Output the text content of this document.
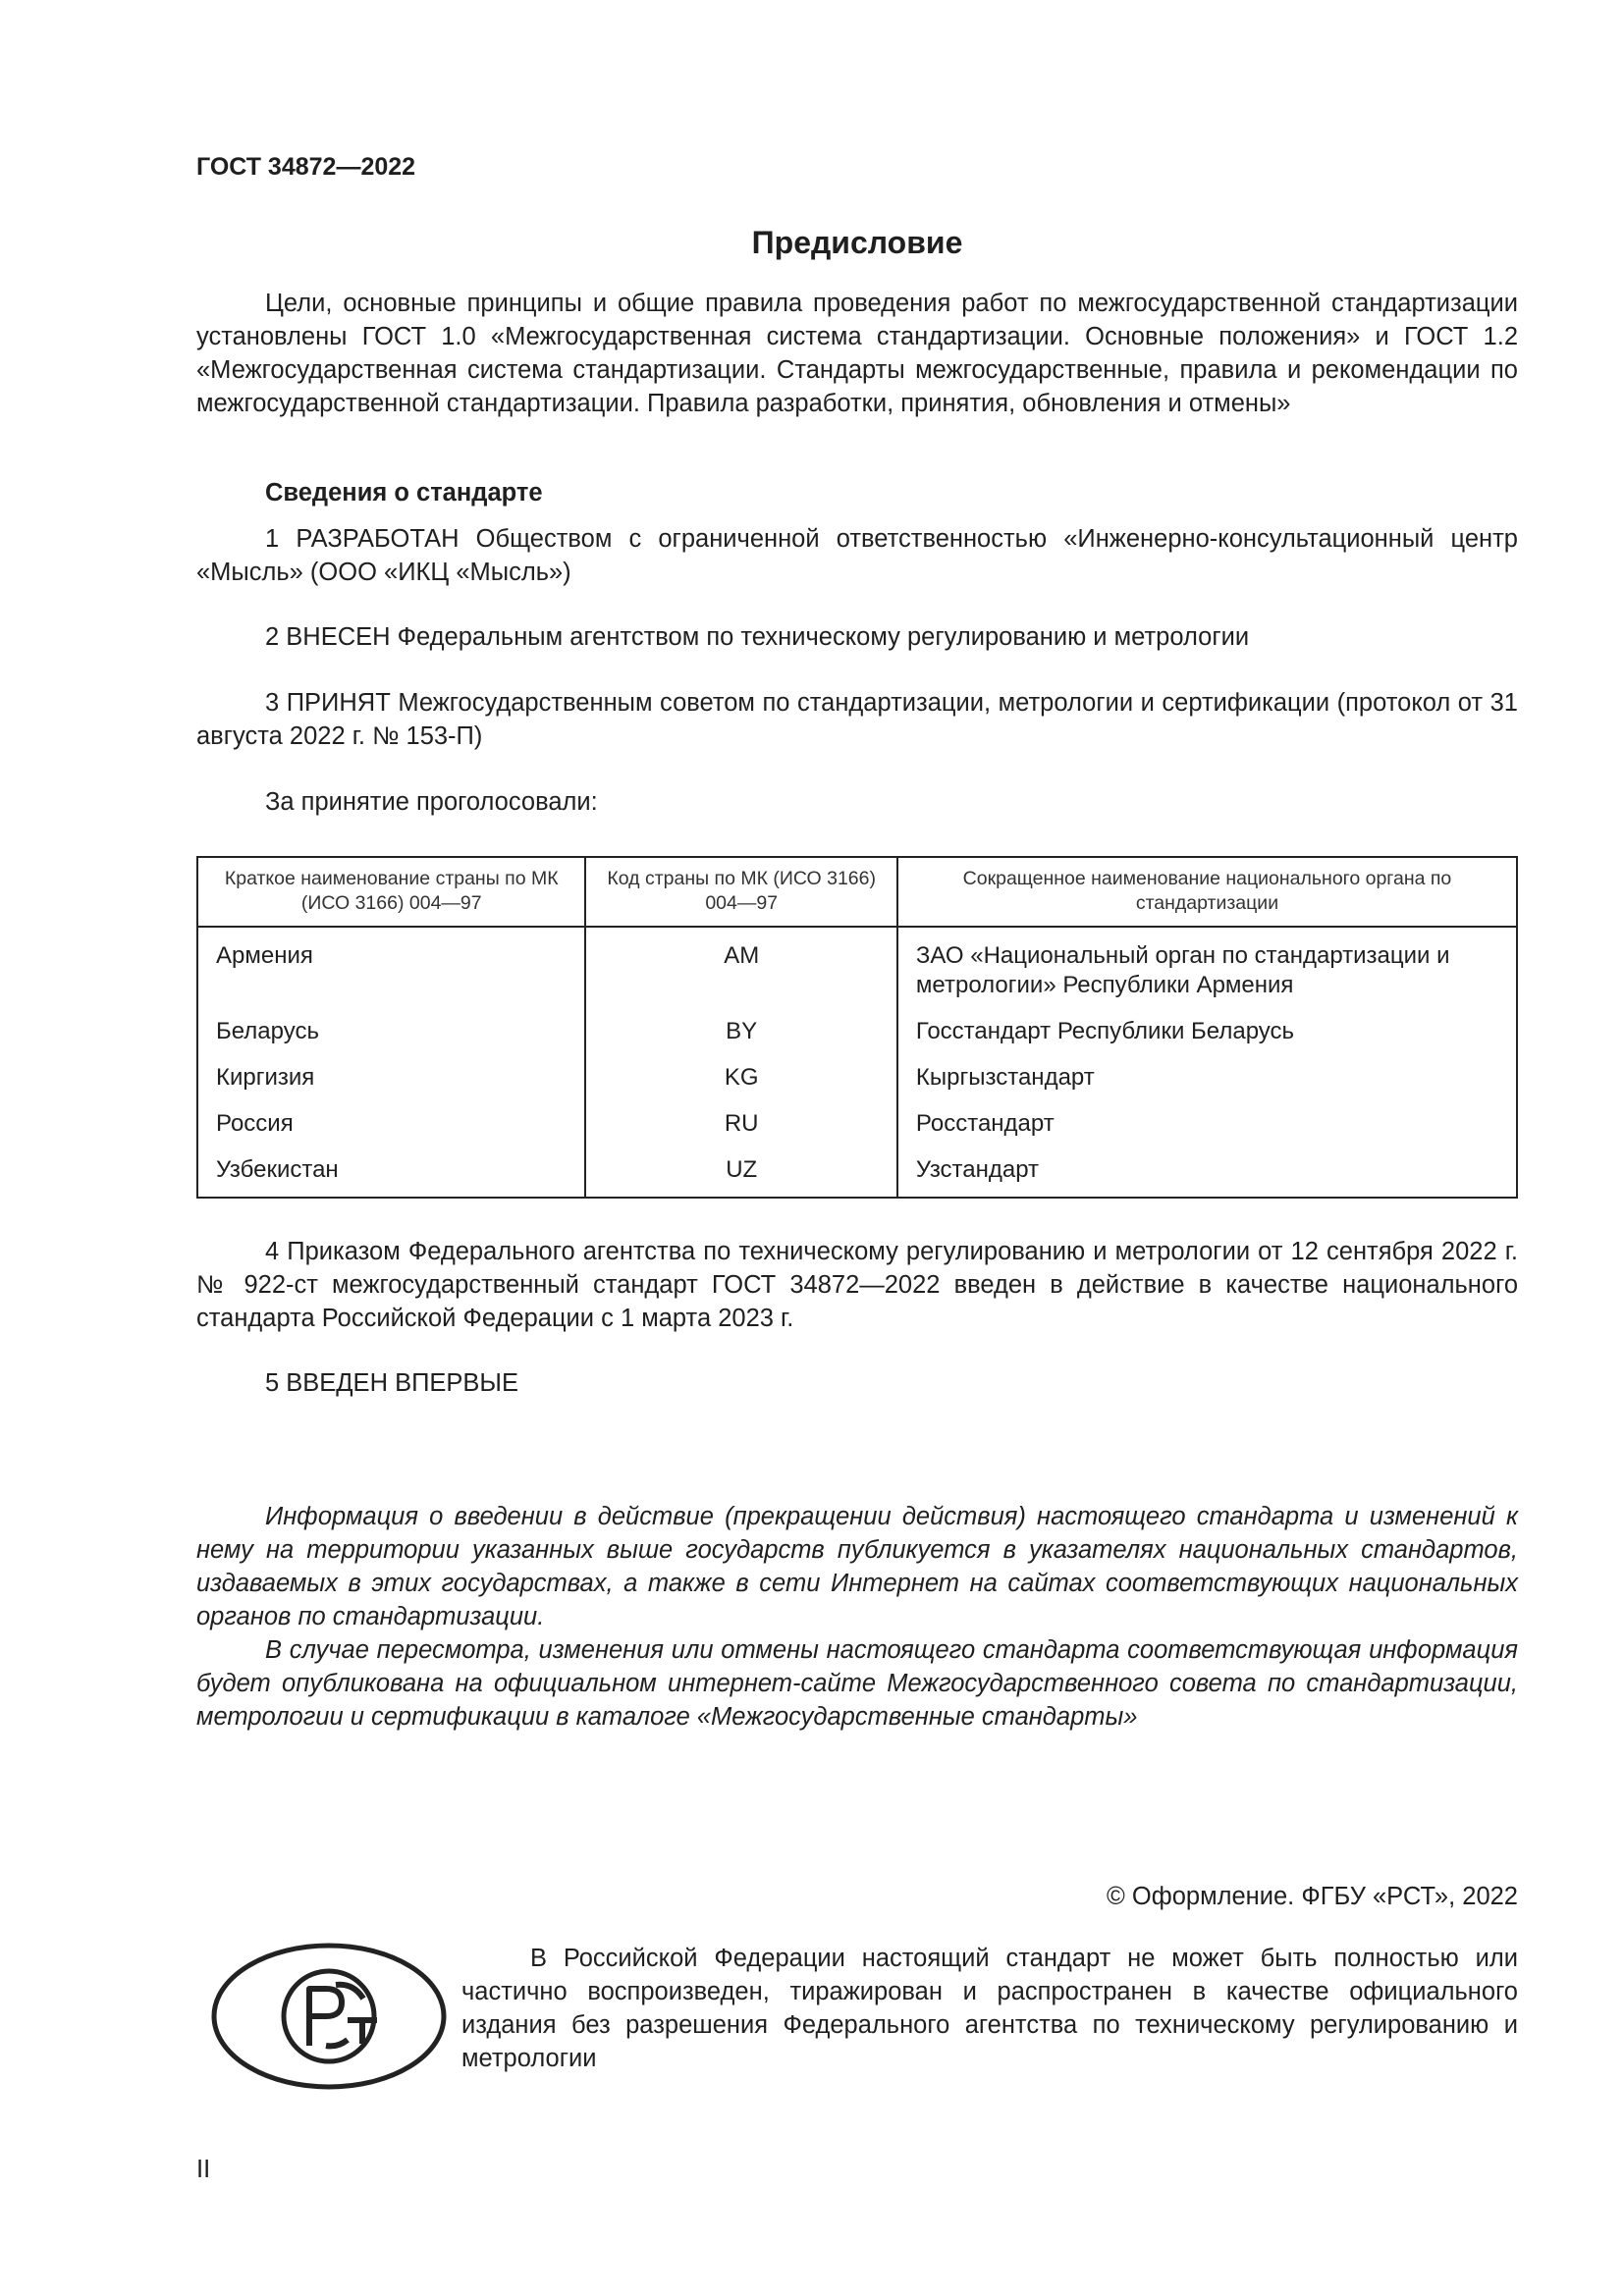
ГОСТ 34872—2022
Предисловие

Цели, основные принципы и общие правила проведения работ по межгосударственной стандартизации установлены ГОСТ 1.0 «Межгосударственная система стандартизации. Основные положения» и ГОСТ 1.2 «Межгосударственная система стандартизации. Стандарты межгосударственные, правила и рекомендации по межгосударственной стандартизации. Правила разработки, принятия, обновления и отмены»

Сведения о стандарте

1 РАЗРАБОТАН Обществом с ограниченной ответственностью «Инженерно-консультационный центр «Мысль» (ООО «ИКЦ «Мысль»)

2 ВНЕСЕН Федеральным агентством по техническому регулированию и метрологии

3 ПРИНЯТ Межгосударственным советом по стандартизации, метрологии и сертификации (протокол от 31 августа 2022 г. № 153-П)

За принятие проголосовали:

Краткое наименование страны по МК (ИСО 3166) 004—97	Код страны по МК (ИСО 3166) 004—97	Сокращенное наименование национального органа по стандартизации
Армения	AM	ЗАО «Национальный орган по стандартизации и метрологии» Республики Армения
Беларусь	BY	Госстандарт Республики Беларусь
Киргизия	KG	Кыргызстандарт
Россия	RU	Росстандарт
Узбекистан	UZ	Узстандарт

4 Приказом Федерального агентства по техническому регулированию и метрологии от 12 сентября 2022 г. № 922-ст межгосударственный стандарт ГОСТ 34872—2022 введен в действие в качестве национального стандарта Российской Федерации с 1 марта 2023 г.

5 ВВЕДЕН ВПЕРВЫЕ

Информация о введении в действие (прекращении действия) настоящего стандарта и изменений к нему на территории указанных выше государств публикуется в указателях национальных стандартов, издаваемых в этих государствах, а также в сети Интернет на сайтах соответствующих национальных органов по стандартизации.

В случае пересмотра, изменения или отмены настоящего стандарта соответствующая информация будет опубликована на официальном интернет-сайте Межгосударственного совета по стандартизации, метрологии и сертификации в каталоге «Межгосударственные стандарты»

© Оформление. ФГБУ «РСТ», 2022

В Российской Федерации настоящий стандарт не может быть полностью или частично воспроизведен, тиражирован и распространен в качестве официального издания без разрешения Федерального агентства по техническому регулированию и метрологии

II
